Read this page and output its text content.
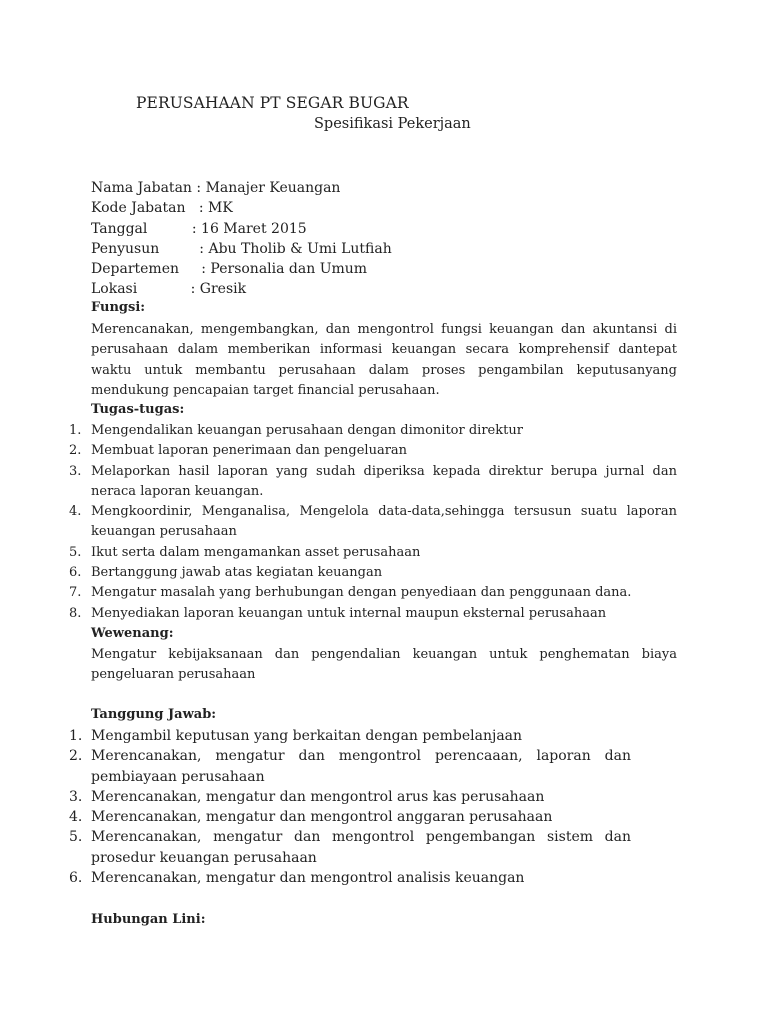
PERUSAHAAN PT SEGAR BUGAR
Spesifikasi Pekerjaan
Nama Jabatan : Manajer Keuangan
Kode Jabatan : MK
Tanggal : 16 Maret 2015
Penyusun : Abu Tholib & Umi Lutfiah
Departemen : Personalia dan Umum
Lokasi : Gresik
Fungsi:
Merencanakan, mengembangkan, dan mengontrol fungsi keuangan dan akuntansi di perusahaan dalam memberikan informasi keuangan secara komprehensif dantepat waktu untuk membantu perusahaan dalam proses pengambilan keputusanyang mendukung pencapaian target financial perusahaan.
Tugas-tugas:
1. Mengendalikan keuangan perusahaan dengan dimonitor direktur
2. Membuat laporan penerimaan dan pengeluaran
3. Melaporkan hasil laporan yang sudah diperiksa kepada direktur berupa jurnal dan neraca laporan keuangan.
4. Mengkoordinir, Menganalisa, Mengelola data-data,sehingga tersusun suatu laporan keuangan perusahaan
5. Ikut serta dalam mengamankan asset perusahaan
6. Bertanggung jawab atas kegiatan keuangan
7. Mengatur masalah yang berhubungan dengan penyediaan dan penggunaan dana.
8. Menyediakan laporan keuangan untuk internal maupun eksternal perusahaan
Wewenang:
Mengatur kebijaksanaan dan pengendalian keuangan untuk penghematan biaya pengeluaran perusahaan
Tanggung Jawab:
1. Mengambil keputusan yang berkaitan dengan pembelanjaan
2. Merencanakan, mengatur dan mengontrol perencaaan, laporan dan pembiayaan perusahaan
3. Merencanakan, mengatur dan mengontrol arus kas perusahaan
4. Merencanakan, mengatur dan mengontrol anggaran perusahaan
5. Merencanakan, mengatur dan mengontrol pengembangan sistem dan prosedur keuangan perusahaan
6. Merencanakan, mengatur dan mengontrol analisis keuangan
Hubungan Lini:
